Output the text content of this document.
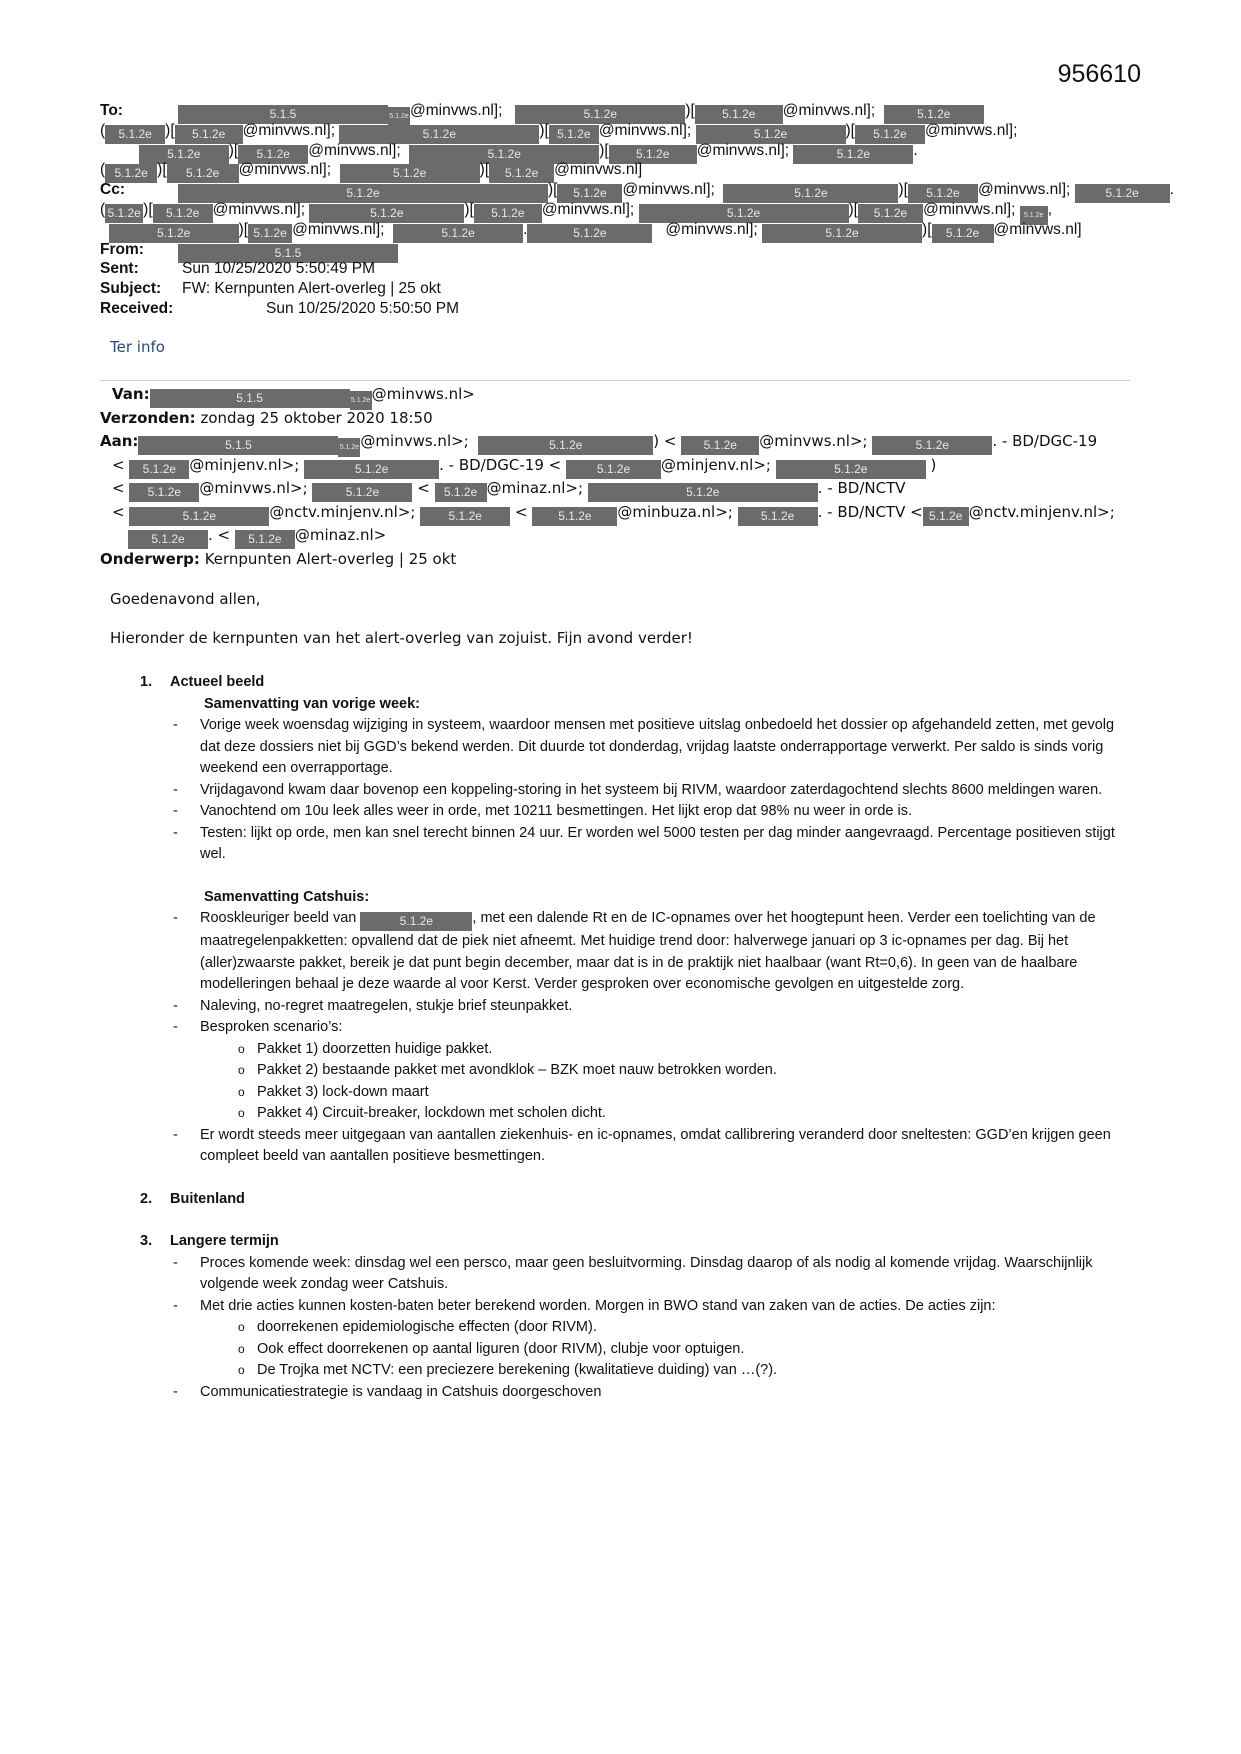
956610
To:	5.1.5	5.1.2e@minvws.nl];	5.1.2e	)[ 5.1.2e @minvws.nl];	5.1.2e
( 5.1.2e )[ 5.1.2e @minvws.nl];	5.1.2e	)[ 5.1.2e @minvws.nl];	5.1.2e	)[ 5.1.2e @minvws.nl];
5.1.2e )[ 5.1.2e @minvws.nl];	5.1.2e	)[ 5.1.2e @minvws.nl];	5.1.2e	.
( 5.1.2e )[ 5.1.2e @minvws.nl];	5.1.2e	)[ 5.1.2e @minvws.nl]
Cc:	5.1.2e	)[ 5.1.2e @minvws.nl];	5.1.2e	)[ 5.1.2e @minvws.nl];	5.1.2e .
( 5.1.2e )[ 5.1.2e @minvws.nl];	5.1.2e	)[ 5.1.2e @minvws.nl];	5.1.2e	)[ 5.1.2e @minvws.nl]; 5.1.2e ,
5.1.2e	)[ 5.1.2e @minvws.nl];	5.1.2e	.	5.1.2e	@minvws.nl];	5.1.2e	)[ 5.1.2e @minvws.nl]
From:	5.1.5
Sent:	Sun 10/25/2020 5:50:49 PM
Subject: FW: Kernpunten Alert-overleg | 25 okt
Received:	Sun 10/25/2020 5:50:50 PM
Ter info
Van:	5.1.5	5.1.2e@minvws.nl>
Verzonden: zondag 25 oktober 2020 18:50
Aan:	5.1.5	5.1.2e@minvws.nl>;	5.1.2e	) < 5.1.2e @minvws.nl>;	5.1.2e	. - BD/DGC-19
< 5.1.2e @minjenv.nl>;	5.1.2e	. - BD/DGC-19 <	5.1.2e @minjenv.nl>;	5.1.2e	)
< 5.1.2e @minvws.nl>;	5.1.2e	< 5.1.2e @minaz.nl>;	5.1.2e	. - BD/NCTV
<	5.1.2e	@nctv.minjenv.nl>;	5.1.2e <	5.1.2e @minbuza.nl>; 5.1.2e . - BD/NCTV < 5.1.2e @nctv.minjenv.nl>;
5.1.2e . < 5.1.2e @minaz.nl>
Onderwerp: Kernpunten Alert-overleg | 25 okt
Goedenavond allen,
Hieronder de kernpunten van het alert-overleg van zojuist. Fijn avond verder!
1. Actueel beeld
Samenvatting van vorige week:
- Vorige week woensdag wijziging in systeem, waardoor mensen met positieve uitslag onbedoeld het dossier op afgehandeld zetten, met gevolg dat deze dossiers niet bij GGD’s bekend werden. Dit duurde tot donderdag, vrijdag laatste onderrapportage verwerkt. Per saldo is sinds vorig weekend een overrapportage.
- Vrijdagavond kwam daar bovenop een koppeling-storing in het systeem bij RIVM, waardoor zaterdagochtend slechts 8600 meldingen waren.
- Vanochtend om 10u leek alles weer in orde, met 10211 besmettingen. Het lijkt erop dat 98% nu weer in orde is.
- Testen: lijkt op orde, men kan snel terecht binnen 24 uur. Er worden wel 5000 testen per dag minder aangevraagd. Percentage positieven stijgt wel.
Samenvatting Catshuis:
- Rooskleuriger beeld van	5.1.2e	, met een dalende Rt en de IC-opnames over het hoogtepunt heen. Verder een toelichting van de maatregelenpakketten: opvallend dat de piek niet afneemt. Met huidige trend door: halverwege januari op 3 ic-opnames per dag. Bij het (aller)zwaarste pakket, bereik je dat punt begin december, maar dat is in de praktijk niet haalbaar (want Rt=0,6). In geen van de haalbare modelleringen behaal je deze waarde al voor Kerst. Verder gesproken over economische gevolgen en uitgestelde zorg.
- Naleving, no-regret maatregelen, stukje brief steunpakket.
- Besproken scenario’s:
o Pakket 1) doorzetten huidige pakket.
o Pakket 2) bestaande pakket met avondklok – BZK moet nauw betrokken worden.
o Pakket 3) lock-down maart
o Pakket 4) Circuit-breaker, lockdown met scholen dicht.
- Er wordt steeds meer uitgegaan van aantallen ziekenhuis- en ic-opnames, omdat callibrering veranderd door sneltesten: GGD’en krijgen geen compleet beeld van aantallen positieve besmettingen.
2. Buitenland
3. Langere termijn
- Proces komende week: dinsdag wel een persco, maar geen besluitvorming. Dinsdag daarop of als nodig al komende vrijdag. Waarschijnlijk volgende week zondag weer Catshuis.
- Met drie acties kunnen kosten-baten beter berekend worden. Morgen in BWO stand van zaken van de acties. De acties zijn:
o doorrekenen epidemiologische effecten (door RIVM).
o Ook effect doorrekenen op aantal liguren (door RIVM), clubje voor optuigen.
o De Trojka met NCTV: een preciezere berekening (kwalitatieve duiding) van …(?).
- Communicatiestrategie is vandaag in Catshuis doorgeschoven
